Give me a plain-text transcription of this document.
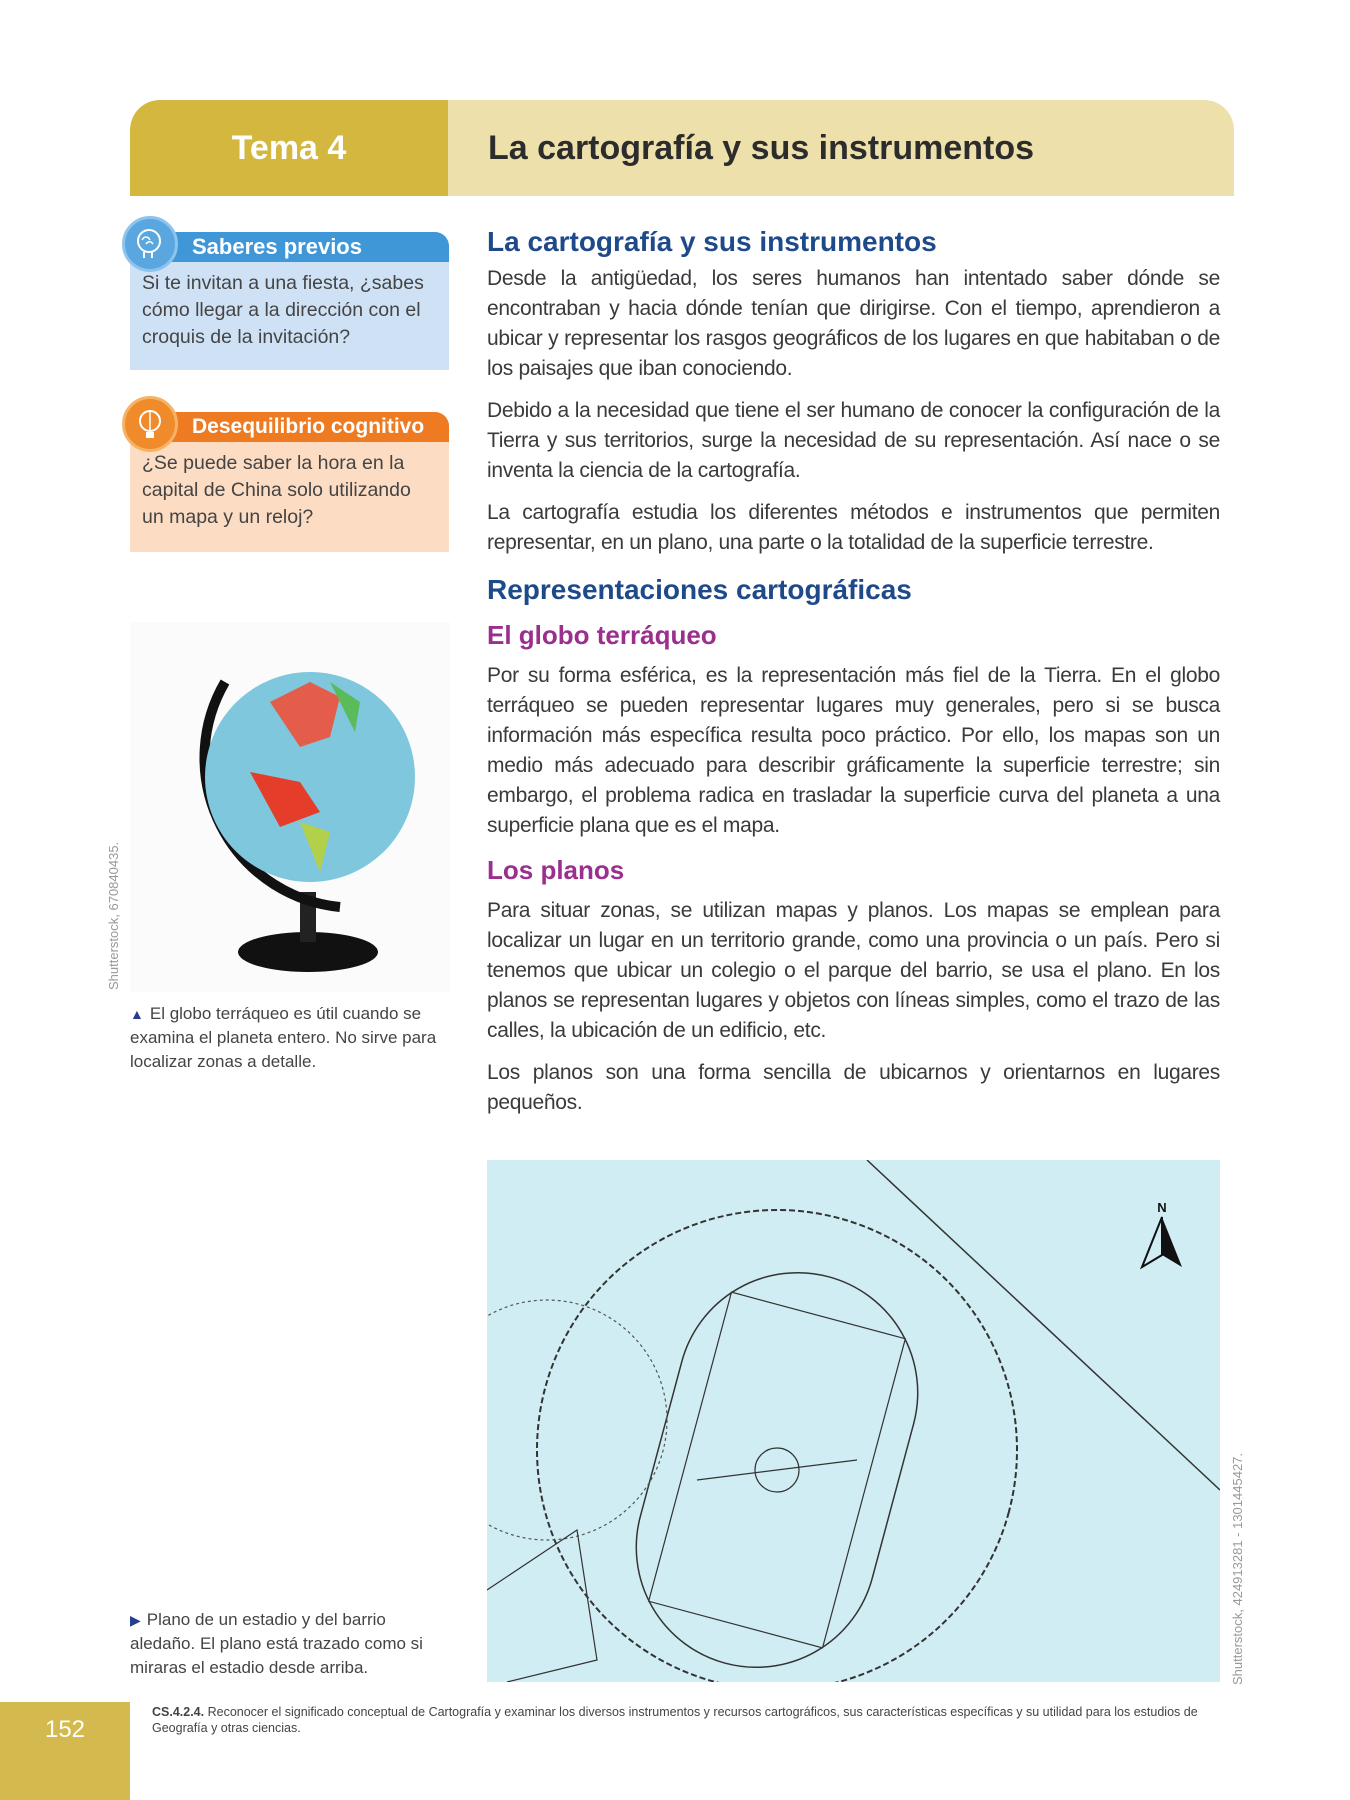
Tema 4	La cartografía y sus instrumentos
Saberes previos
Si te invitan a una fiesta, ¿sabes cómo llegar a la dirección con el croquis de la invitación?
Desequilibrio cognitivo
¿Se puede saber la hora en la capital de China solo utilizando un mapa y un reloj?
Shutterstock, 670840435.
▲ El globo terráqueo es útil cuando se examina el planeta entero. No sirve para localizar zonas a detalle.
La cartografía y sus instrumentos

Desde la antigüedad, los seres humanos han intentado saber dónde se encontraban y hacia dónde tenían que dirigirse. Con el tiempo, aprendieron a ubicar y representar los rasgos geográficos de los lugares en que habitaban o de los paisajes que iban conociendo.

Debido a la necesidad que tiene el ser humano de conocer la configuración de la Tierra y sus territorios, surge la necesidad de su representación. Así nace o se inventa la ciencia de la cartografía.

La cartografía estudia los diferentes métodos e instrumentos que permiten representar, en un plano, una parte o la totalidad de la superficie terrestre.

Representaciones cartográficas
El globo terráqueo

Por su forma esférica, es la representación más fiel de la Tierra. En el globo terráqueo se pueden representar lugares muy generales, pero si se busca información más específica resulta poco práctico. Por ello, los mapas son un medio más adecuado para describir gráficamente la superficie terrestre; sin embargo, el problema radica en trasladar la superficie curva del planeta a una superficie plana que es el mapa.

Los planos

Para situar zonas, se utilizan mapas y planos. Los mapas se emplean para localizar un lugar en un territorio grande, como una provincia o un país. Pero si tenemos que ubicar un colegio o el parque del barrio, se usa el plano. En los planos se representan lugares y objetos con líneas simples, como el trazo de las calles, la ubicación de un edificio, etc.

Los planos son una forma sencilla de ubicarnos y orientarnos en lugares pequeños.

N
Shutterstock, 424913281 - 1301445427.
▶ Plano de un estadio y del barrio aledaño. El plano está trazado como si miraras el estadio desde arriba.
152
CS.4.2.4. Reconocer el significado conceptual de Cartografía y examinar los diversos instrumentos y recursos cartográficos, sus características específicas y su utilidad para los estudios de Geografía y otras ciencias.
